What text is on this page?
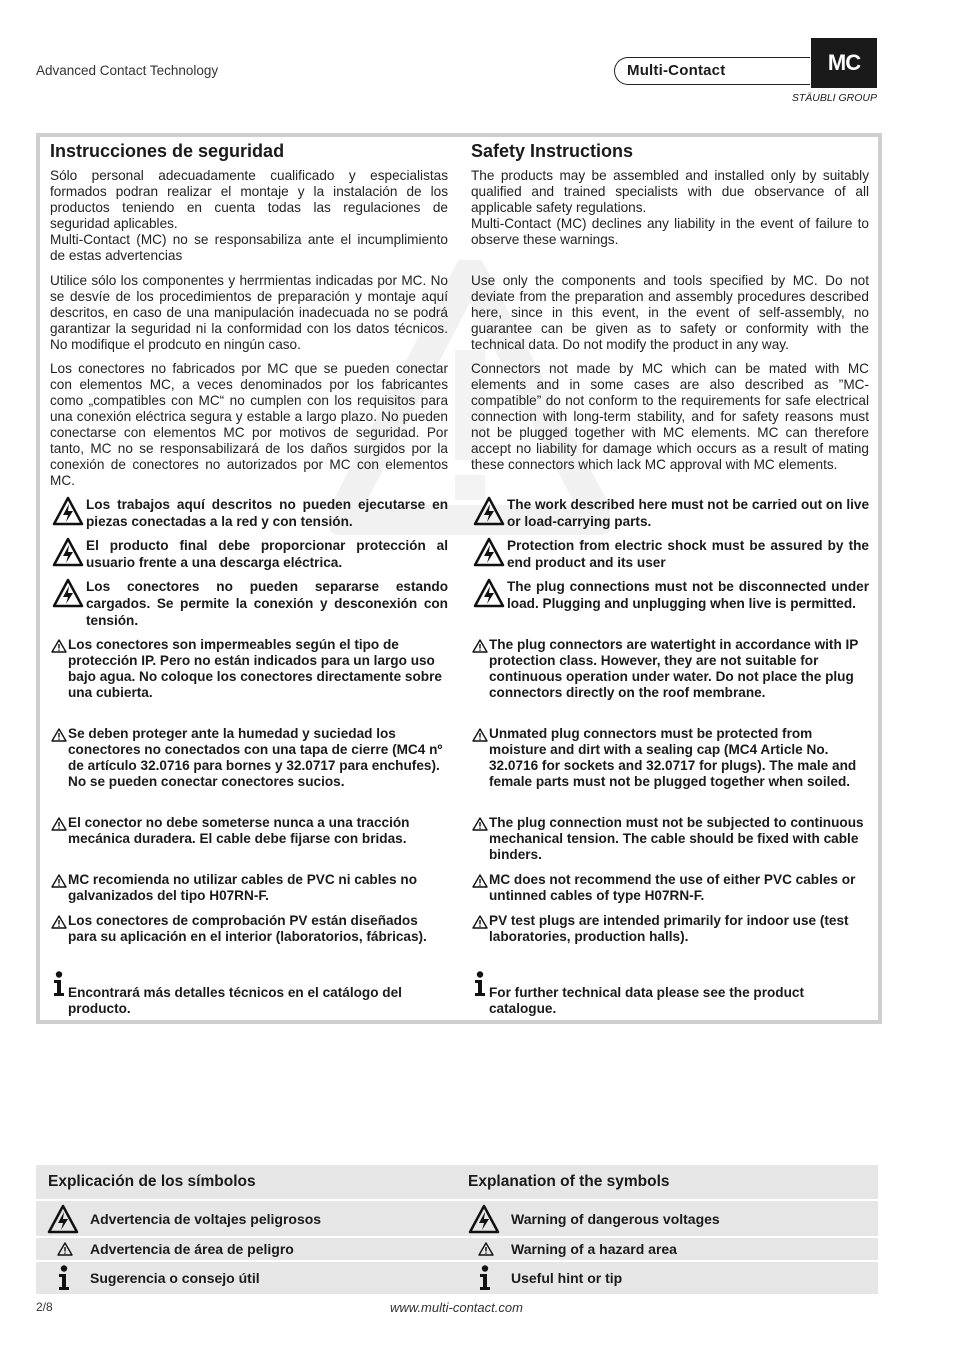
Advanced Contact Technology	Multi-Contact	MC
STÄUBLI GROUP
Instrucciones de seguridad

Sólo personal adecuadamente cualificado y especialistas formados podran realizar el montaje y la instalación de los productos teniendo en cuenta todas las regulaciones de seguridad aplicables.

Multi-Contact (MC) no se responsabiliza ante el incumplimiento de estas advertencias

Utilice sólo los componentes y herrmientas indicadas por MC. No se desvíe de los procedimientos de preparación y montaje aquí descritos, en caso de una manipulación inadecuada no se podrá garantizar la seguridad ni la conformidad con los datos técnicos. No modifique el prodcuto en ningún caso.

Los conectores no fabricados por MC que se pueden conectar con elementos MC, a veces denominados por los fabricantes como „compatibles con MC“ no cumplen con los requisitos para una conexión eléctrica segura y estable a largo plazo. No pueden conectarse con elementos MC por motivos de seguridad. Por tanto, MC no se responsabilizará de los daños surgidos por la conexión de conectores no autorizados por MC con elementos MC.

Safety Instructions

The products may be assembled and installed only by suitably qualified and trained specialists with due observance of all applicable safety regulations.

Multi-Contact (MC) declines any liability in the event of failure to observe these warnings.

Use only the components and tools specified by MC. Do not deviate from the preparation and assembly procedures described here, since in this event, in the event of self-assembly, no guarantee can be given as to safety or conformity with the technical data. Do not modify the product in any way.

Connectors not made by MC which can be mated with MC elements and in some cases are also described as ”MC-compatible” do not conform to the requirements for safe electrical connection with long-term stability, and for safety reasons must not be plugged together with MC elements. MC can therefore accept no liability for damage which occurs as a result of mating these connectors which lack MC approval with MC elements.

Los trabajos aquí descritos no pueden ejecutarse en piezas conectadas a la red y con tensión.
El producto final debe proporcionar protección al usuario frente a una descarga eléctrica.
Los conectores no pueden separarse estando cargados. Se permite la conexión y desconexión con tensión.
The work described here must not be carried out on live or load-carrying parts.
Protection from electric shock must be assured by the end product and its user
The plug connections must not be disconnected under load. Plugging and unplugging when live is permitted.
Los conectores son impermeables según el tipo de protección IP. Pero no están indicados para un largo uso bajo agua. No coloque los conectores directamente sobre una cubierta.
Se deben proteger ante la humedad y suciedad los conectores no conectados con una tapa de cierre (MC4 nº de artículo 32.0716 para bornes y 32.0717 para enchufes). No se pueden conectar conectores sucios.
El conector no debe someterse nunca a una tracción mecánica duradera. El cable debe fijarse con bridas.
MC recomienda no utilizar cables de PVC ni cables no galvanizados del tipo H07RN-F.
Los conectores de comprobación PV están diseñados para su aplicación en el interior (laboratorios, fábricas).
The plug connectors are watertight in accordance with IP protection class. However, they are not suitable for continuous operation under water. Do not place the plug connectors directly on the roof membrane.
Unmated plug connectors must be protected from moisture and dirt with a sealing cap (MC4 Article No. 32.0716 for sockets and 32.0717 for plugs). The male and female parts must not be plugged together when soiled.
The plug connection must not be subjected to continuous mechanical tension. The cable should be fixed with cable binders.
MC does not recommend the use of either PVC cables or untinned cables of type H07RN-F.
PV test plugs are intended primarily for indoor use (test laboratories, production halls).
Encontrará más detalles técnicos en el catálogo del producto.
For further technical data please see the product catalogue.
Explicación de los símbolos	Explanation of the symbols
Advertencia de voltajes peligrosos	Warning of dangerous voltages
Advertencia de área de peligro	Warning of a hazard area
Sugerencia o consejo útil	Useful hint or tip
2/8	www.multi-contact.com
